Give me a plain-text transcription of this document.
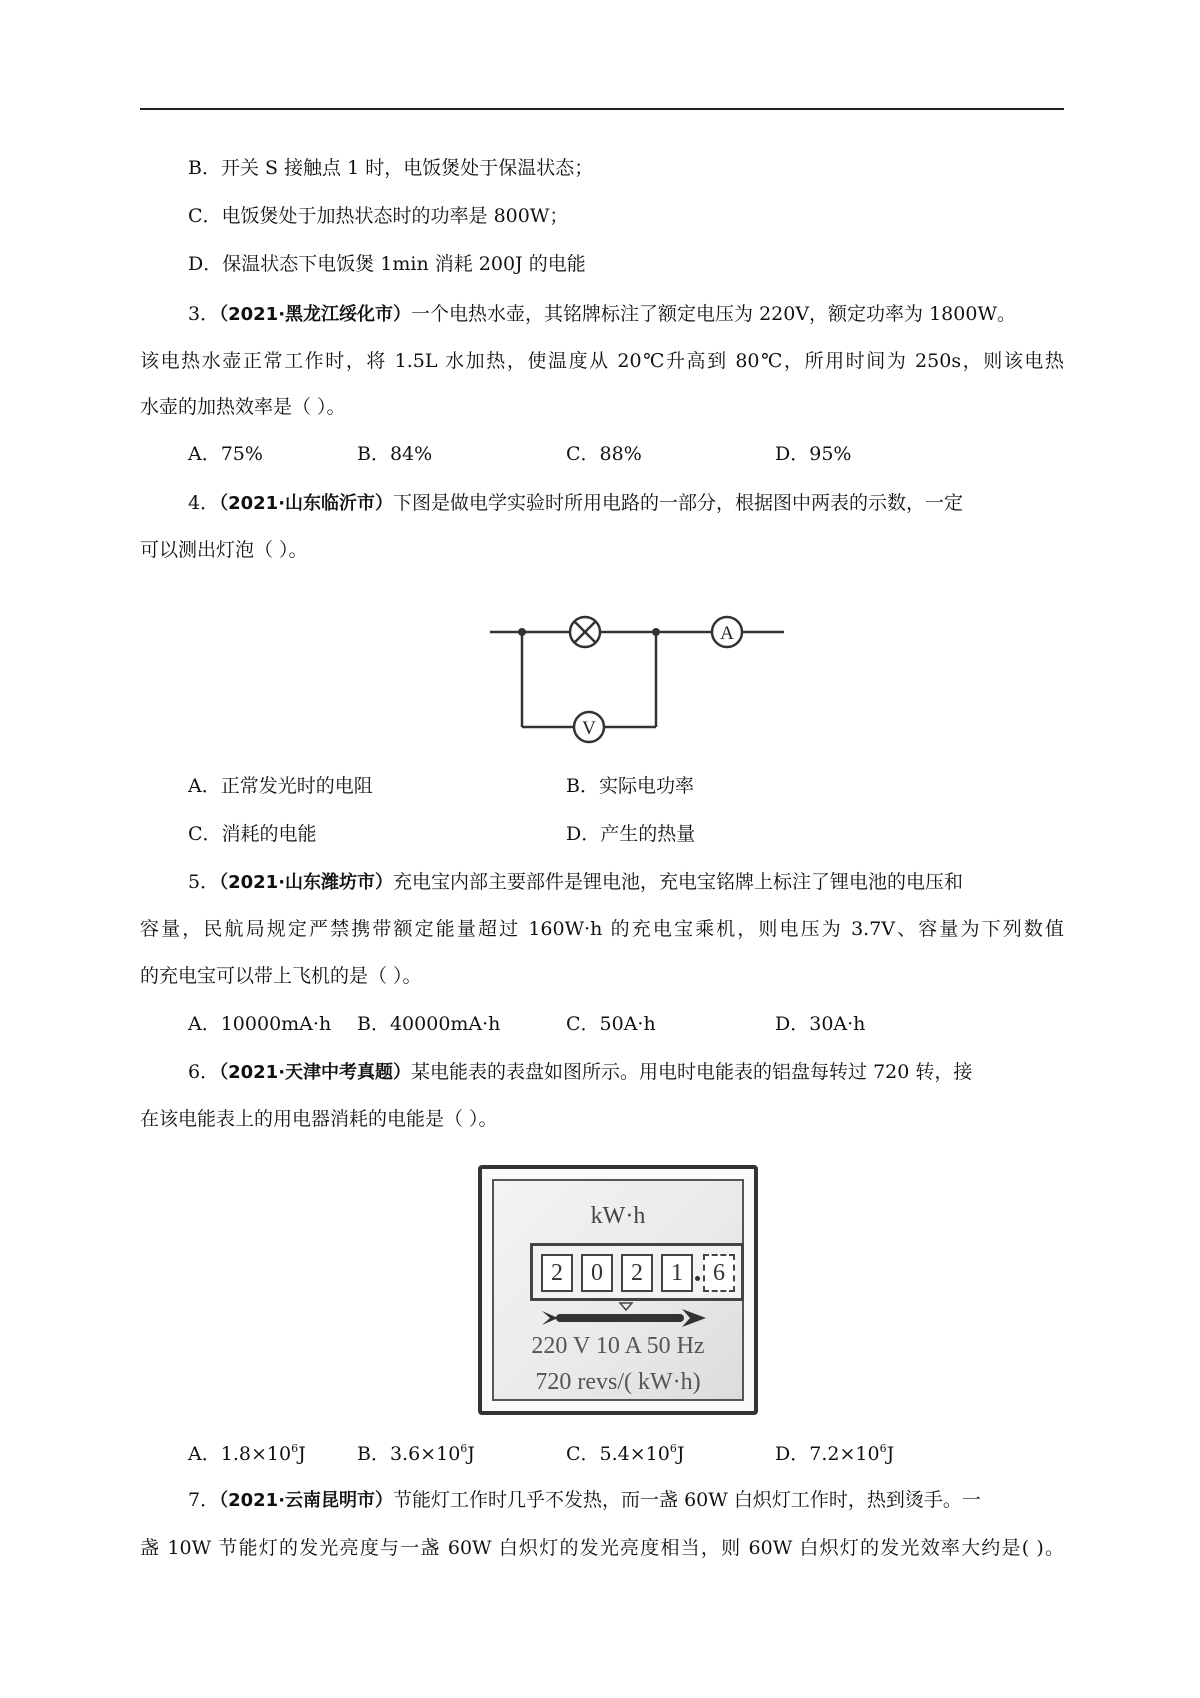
B．开关 S 接触点 1 时，电饭煲处于保温状态；
C．电饭煲处于加热状态时的功率是 800W；
D．保温状态下电饭煲 1min 消耗 200J 的电能
3．（2021·黑龙江绥化市）一个电热水壶，其铭牌标注了额定电压为 220V，额定功率为 1800W。
该电热水壶正常工作时，将 1.5L 水加热，使温度从 20℃升高到 80℃，所用时间为 250s，则该电热
水壶的加热效率是（ ）。
A．75%	B．84%	C．88%	D．95%
4．（2021·山东临沂市）下图是做电学实验时所用电路的一部分，根据图中两表的示数，一定
可以测出灯泡（ ）。
A
V
A．正常发光时的电阻	B．实际电功率
C．消耗的电能	D．产生的热量
5．（2021·山东潍坊市）充电宝内部主要部件是锂电池，充电宝铭牌上标注了锂电池的电压和
容量，民航局规定严禁携带额定能量超过 160W·h 的充电宝乘机，则电压为 3.7V、容量为下列数值
的充电宝可以带上飞机的是（ ）。
A．10000mA·h B．40000mA·h	C．50A·h	D．30A·h
6．（2021·天津中考真题）某电能表的表盘如图所示。用电时电能表的铝盘每转过 720 转，接
在该电能表上的用电器消耗的电能是（ ）。
kW·h
2	0	2	1	6
220 V 10 A 50 Hz
720 revs/( kW·h)
A．$1.8\times 10^6J$	B．$3.6\times 10^6J$	C．$5.4\times 10^6J$	D．$7.2\times 10^6J$
7．（2021·云南昆明市）节能灯工作时几乎不发热，而一盏 60W 白炽灯工作时，热到烫手。一
盏 10W 节能灯的发光亮度与一盏 60W 白炽灯的发光亮度相当，则 60W 白炽灯的发光效率大约是( )。
